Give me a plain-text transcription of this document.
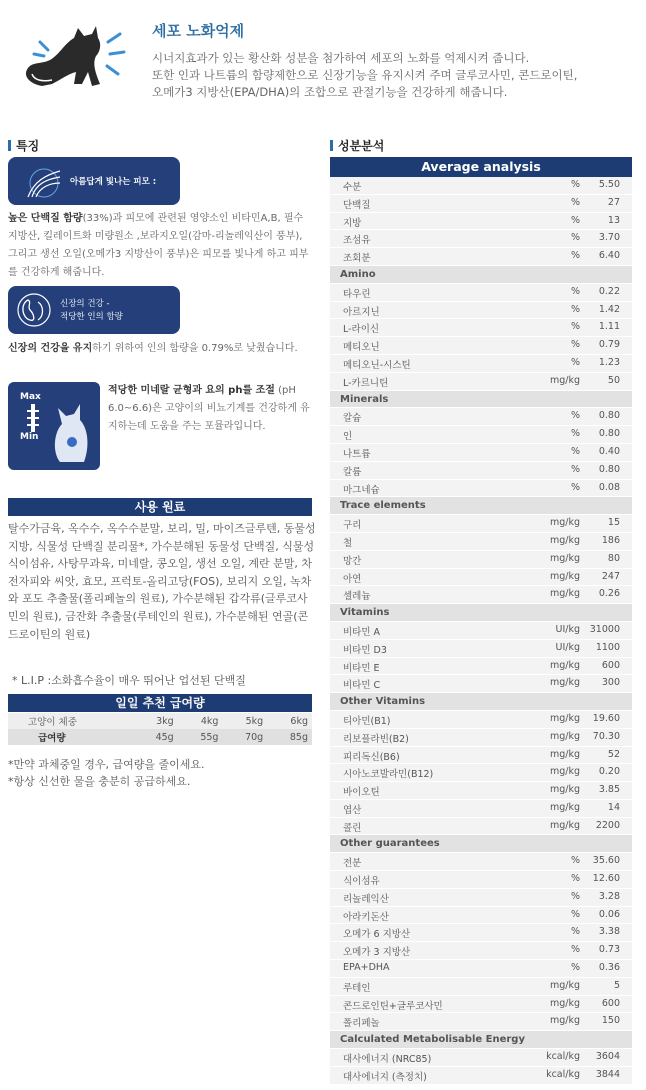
세포 노화억제
시너지효과가 있는 황산화 성분을 첨가하여 세포의 노화를 억제시켜 줍니다.
또한 인과 나트륨의 함량제한으로 신장기능을 유지시켜 주며 글루코사민, 콘드로이틴,
오메가3 지방산(EPA/DHA)의 조합으로 관절기능을 건강하게 해줍니다.
특징
아름답게 빛나는 피모 :
높은 단백질 함량(33%)과 피모에 관련된 영양소인 비타민A,B, 필수지방산, 킬레이트화 미량원소 ,보라지오일(감마-리놀레익산이 풍부), 그리고 생선 오일(오메가3 지방산이 풍부)은 피모를 빛나게 하고 피부를 건강하게 해줍니다.
신장의 건강 -
적당한 인의 함량
신장의 건강을 유지하기 위하여 인의 함량을 0.79%로 낮췄습니다.
Max
Min
적당한 미네랄 균형과 요의 ph를 조절 (pH 6.0~6.6)은 고양이의 비뇨기계를 건강하게 유 지하는데 도움을 주는 포뮬라입니다.
사용 원료
탈수가금육, 옥수수, 옥수수분말, 보리, 밀, 마이즈글루텐, 동물성 지방, 식물성 단백질 분리물*, 가수분해된 동물성 단백질, 식물성 식이섬유, 사탕무과육, 미네랄, 콩오일, 생선 오일, 계란 분말, 차전자피와 씨앗, 효모, 프럭토-올리고당(FOS), 보리지 오일, 녹차와 포도 추출물(폴리페놀의 원료), 가수분해된 갑각류(글루코사민의 원료), 금잔화 추출물(루테인의 원료), 가수분해된 연골(콘드로이틴의 원료)
* L.I.P :소화흡수율이 매우 뛰어난 업선된 단백질
일일 추천 급여량
고양이 체중	3kg	4kg	5kg	6kg
급여량	45g	55g	70g	85g
*만약 과체중일 경우, 급여량을 줄이세요.
*항상 신선한 물을 충분히 공급하세요.
성분분석
Average analysis
수분	% 5.50
단백질	%	27
지방	%	13
조섬유	% 3.70
조회분	% 6.40
Amino
타우린	% 0.22
아르지닌	% 1.42
L-라이신	% 1.11
메티오닌	% 0.79
메티오닌-시스틴	% 1.23
L-카르니틴	mg/kg	50
Minerals
칼슘	% 0.80
인	% 0.80
나트륨	% 0.40
칼륨	% 0.80
마그네슘	% 0.08
Trace elements
구리	mg/kg	15
철	mg/kg 186
망간	mg/kg	80
아연	mg/kg 247
셀레늄	mg/kg 0.26
Vitamins
비타민 A	UI/kg 31000
비타민 D3	UI/kg 1100
비타민 E	mg/kg 600
비타민 C	mg/kg 300
Other Vitamins
티아민(B1)	mg/kg 19.60
리보플라빈(B2)	mg/kg 70.30
피리독신(B6)	mg/kg	52
시아노코발라민(B12)	mg/kg 0.20
바이오틴	mg/kg 3.85
엽산	mg/kg	14
콜린	mg/kg 2200
Other guarantees
전분	% 35.60
식이섬유	% 12.60
리놀레익산	% 3.28
아라키돈산	% 0.06
오메가 6 지방산	% 3.38
오메가 3 지방산	% 0.73
EPA+DHA	% 0.36
루테인	mg/kg	5
콘드로인틴+글루코사민	mg/kg 600
폴리페놀	mg/kg 150
Calculated Metabolisable Energy
대사에너지 (NRC85)	kcal/kg 3604
대사에너지 (측정치)	kcal/kg 3844
